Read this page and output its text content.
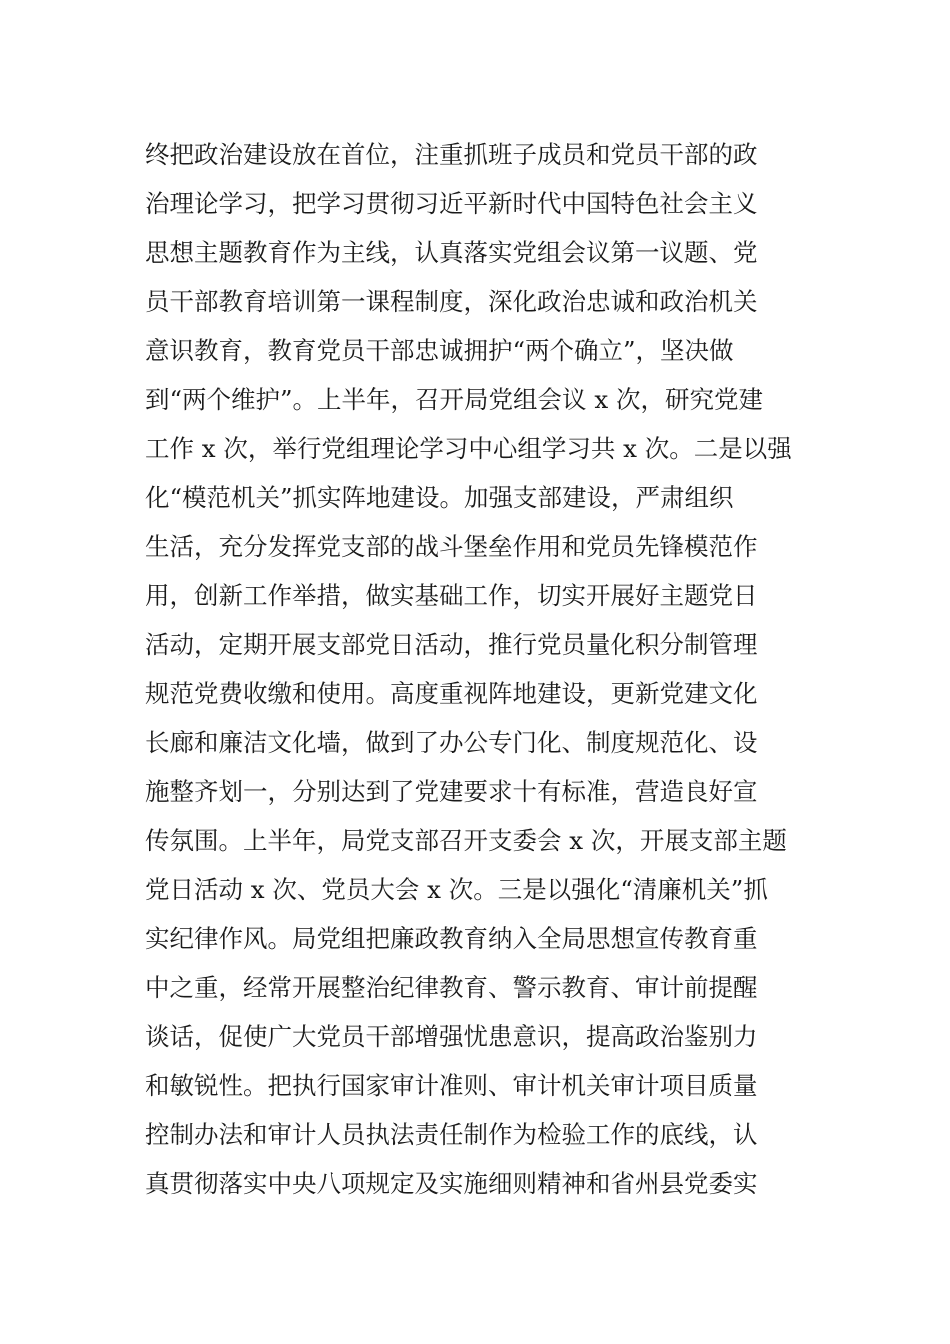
终把政治建设放在首位，注重抓班子成员和党员干部的政
治理论学习，把学习贯彻习近平新时代中国特色社会主义
思想主题教育作为主线，认真落实党组会议第一议题、党
员干部教育培训第一课程制度，深化政治忠诚和政治机关
意识教育，教育党员干部忠诚拥护“两个确立”，坚决做
到“两个维护”。上半年，召开局党组会议 x 次，研究党建
工作 x 次，举行党组理论学习中心组学习共 x 次。二是以强
化“模范机关”抓实阵地建设。加强支部建设，严肃组织
生活，充分发挥党支部的战斗堡垒作用和党员先锋模范作
用，创新工作举措，做实基础工作，切实开展好主题党日
活动，定期开展支部党日活动，推行党员量化积分制管理
规范党费收缴和使用。高度重视阵地建设，更新党建文化
长廊和廉洁文化墙，做到了办公专门化、制度规范化、设
施整齐划一，分别达到了党建要求十有标准，营造良好宣
传氛围。上半年，局党支部召开支委会 x 次，开展支部主题
党日活动 x 次、党员大会 x 次。三是以强化“清廉机关”抓
实纪律作风。局党组把廉政教育纳入全局思想宣传教育重
中之重，经常开展整治纪律教育、警示教育、审计前提醒
谈话，促使广大党员干部增强忧患意识，提高政治鉴别力
和敏锐性。把执行国家审计准则、审计机关审计项目质量
控制办法和审计人员执法责任制作为检验工作的底线，认
真贯彻落实中央八项规定及实施细则精神和省州县党委实
